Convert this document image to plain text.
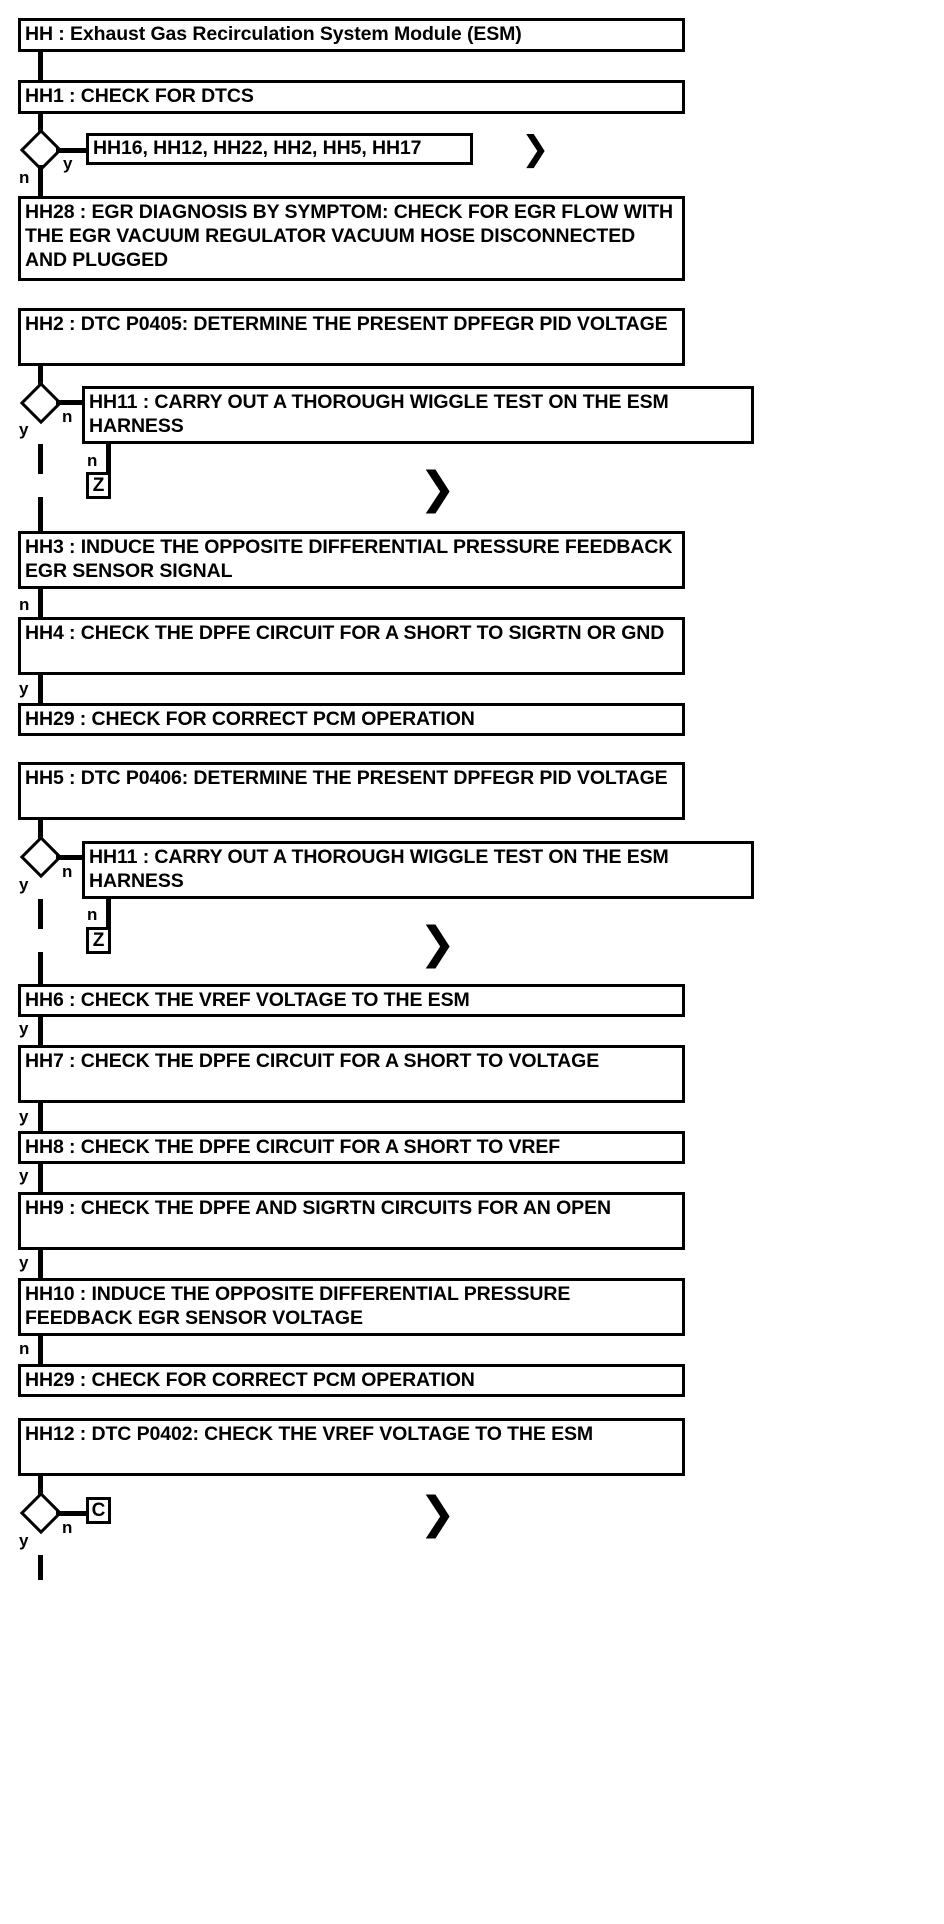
HH : Exhaust Gas Recirculation System Module (ESM)
HH1 : CHECK FOR DTCS
n
y
HH16, HH12, HH22, HH2, HH5, HH17	❯
HH28 : EGR DIAGNOSIS BY SYMPTOM: CHECK FOR EGR FLOW WITH THE EGR VACUUM REGULATOR VACUUM HOSE DISCONNECTED AND PLUGGED
HH2 : DTC P0405: DETERMINE THE PRESENT DPFEGR PID VOLTAGE
y
n
HH11 : CARRY OUT A THOROUGH WIGGLE TEST ON THE ESM HARNESS
n
Z	❯
HH3 : INDUCE THE OPPOSITE DIFFERENTIAL PRESSURE FEEDBACK EGR SENSOR SIGNAL
n
HH4 : CHECK THE DPFE CIRCUIT FOR A SHORT TO SIGRTN OR GND
y
HH29 : CHECK FOR CORRECT PCM OPERATION
HH5 : DTC P0406: DETERMINE THE PRESENT DPFEGR PID VOLTAGE
y
n
HH11 : CARRY OUT A THOROUGH WIGGLE TEST ON THE ESM HARNESS
n
Z	❯
HH6 : CHECK THE VREF VOLTAGE TO THE ESM
y
HH7 : CHECK THE DPFE CIRCUIT FOR A SHORT TO VOLTAGE
y
HH8 : CHECK THE DPFE CIRCUIT FOR A SHORT TO VREF
y
HH9 : CHECK THE DPFE AND SIGRTN CIRCUITS FOR AN OPEN
y
HH10 : INDUCE THE OPPOSITE DIFFERENTIAL PRESSURE FEEDBACK EGR SENSOR VOLTAGE
n
HH29 : CHECK FOR CORRECT PCM OPERATION
HH12 : DTC P0402: CHECK THE VREF VOLTAGE TO THE ESM
y
n
C	❯
